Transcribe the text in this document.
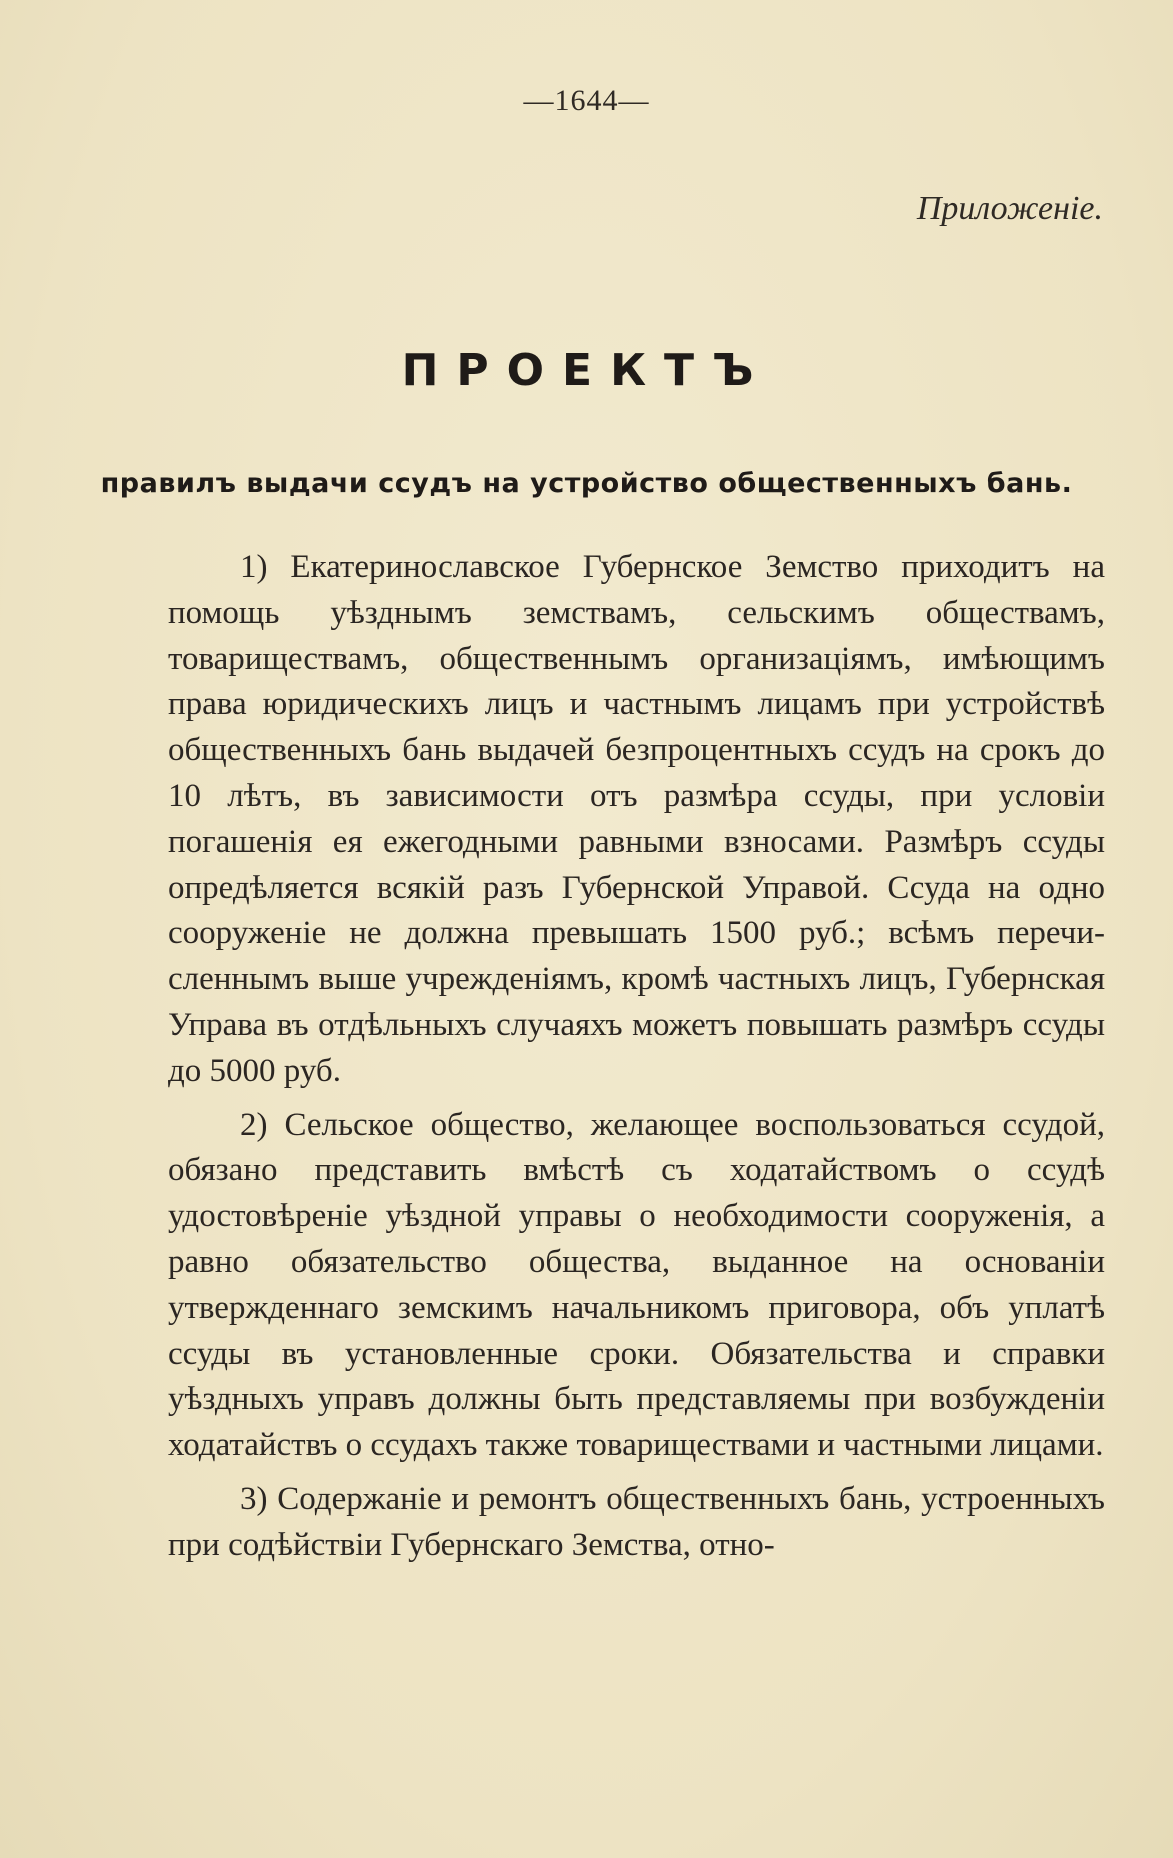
—1644—
Приложеніе.
ПРОЕКТЪ
правилъ выдачи ссудъ на устройство общественныхъ бань.

1) Екатеринославское Губернское Земство приходитъ на помощь уѣзднымъ земствамъ, сельскимъ обществамъ, товариществамъ, общественнымъ организаціямъ, имѣющимъ права юридическихъ лицъ и частнымъ лицамъ при устройствѣ общественныхъ бань выдачей безпроцентныхъ ссудъ на срокъ до 10 лѣтъ, въ зависимости отъ размѣра ссуды, при условіи погашенія ея ежегодными равными взносами. Размѣръ ссуды опредѣляется всякій разъ Губернской Управой. Ссуда на одно сооруженіе не должна превышать 1500 руб.; всѣмъ перечисленнымъ выше учрежденіямъ, кромѣ частныхъ лицъ, Губернская Управа въ отдѣльныхъ случаяхъ можетъ повышать размѣръ ссуды до 5000 руб.

2) Сельское общество, желающее воспользоваться ссудой, обязано представить вмѣстѣ съ ходатайствомъ о ссудѣ удостовѣреніе уѣздной управы о необходимости сооруженія, а равно обязательство общества, выданное на основаніи утвержденнаго земскимъ начальникомъ приговора, объ уплатѣ ссуды въ установленные сроки. Обязательства и справки уѣздныхъ управъ должны быть представляемы при возбужденіи ходатайствъ о ссудахъ также товариществами и частными лицами.

3) Содержаніе и ремонтъ общественныхъ бань, устроенныхъ при содѣйствіи Губернскаго Земства, отно-
